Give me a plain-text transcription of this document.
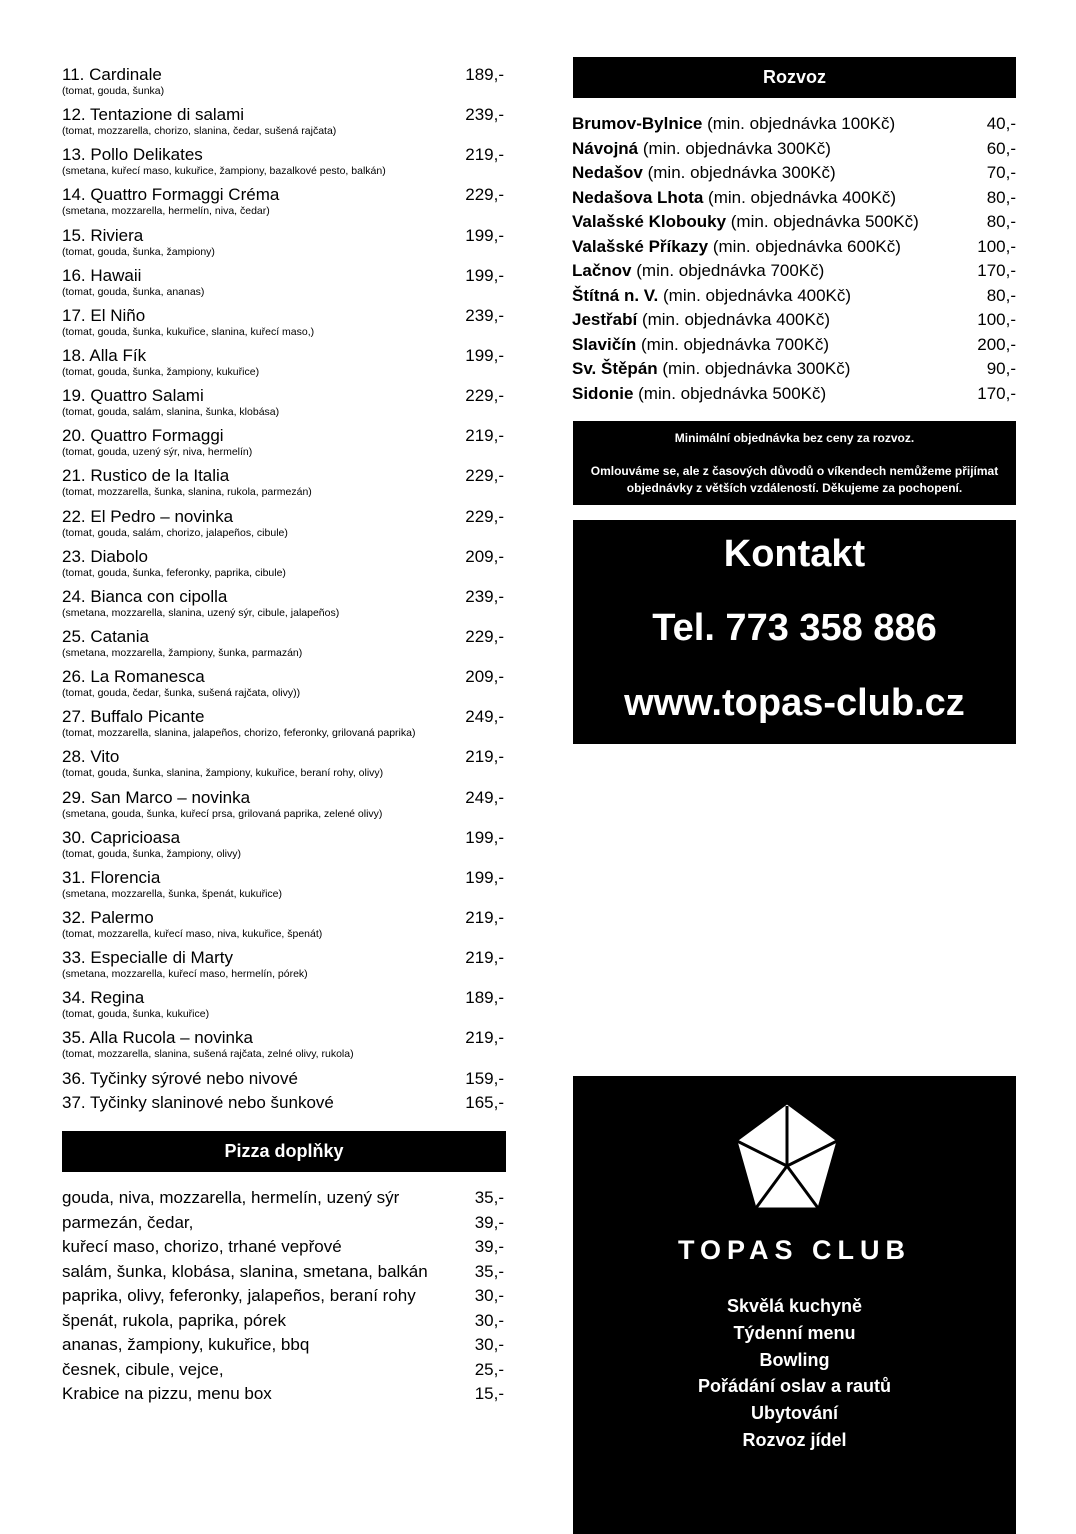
11. Cardinale	189,-
(tomat, gouda, šunka)
12. Tentazione di salami	239,-
(tomat, mozzarella, chorizo, slanina, čedar, sušená rajčata)
13. Pollo Delikates	219,-
(smetana, kuřecí maso, kukuřice, žampiony, bazalkové pesto, balkán)
14. Quattro Formaggi Créma	229,-
(smetana, mozzarella, hermelín, niva, čedar)
15. Riviera	199,-
(tomat, gouda, šunka, žampiony)
16. Hawaii	199,-
(tomat, gouda, šunka, ananas)
17. El Niño	239,-
(tomat, gouda, šunka, kukuřice, slanina, kuřecí maso,)
18. Alla Fík	199,-
(tomat, gouda, šunka, žampiony, kukuřice)
19. Quattro Salami	229,-
(tomat, gouda, salám, slanina, šunka, klobása)
20. Quattro Formaggi	219,-
(tomat, gouda, uzený sýr, niva, hermelín)
21. Rustico de la Italia	229,-
(tomat, mozzarella, šunka, slanina, rukola, parmezán)
22. El Pedro – novinka	229,-
(tomat, gouda, salám, chorizo, jalapeños, cibule)
23. Diabolo	209,-
(tomat, gouda, šunka, feferonky, paprika, cibule)
24. Bianca con cipolla	239,-
(smetana, mozzarella, slanina, uzený sýr, cibule, jalapeños)
25. Catania	229,-
(smetana, mozzarella, žampiony, šunka, parmazán)
26. La Romanesca	209,-
(tomat, gouda, čedar, šunka, sušená rajčata, olivy))
27. Buffalo Picante	249,-
(tomat, mozzarella, slanina, jalapeños, chorizo, feferonky, grilovaná paprika)
28. Vito	219,-
(tomat, gouda, šunka, slanina, žampiony, kukuřice, beraní rohy, olivy)
29. San Marco – novinka	249,-
(smetana, gouda, šunka, kuřecí prsa, grilovaná paprika, zelené olivy)
30. Capricioasa	199,-
(tomat, gouda, šunka, žampiony, olivy)
31. Florencia	199,-
(smetana, mozzarella, šunka, špenát, kukuřice)
32. Palermo	219,-
(tomat, mozzarella, kuřecí maso, niva, kukuřice, špenát)
33. Especialle di Marty	219,-
(smetana, mozzarella, kuřecí maso, hermelín, pórek)
34. Regina	189,-
(tomat, gouda, šunka, kukuřice)
35. Alla Rucola – novinka	219,-
(tomat, mozzarella, slanina, sušená rajčata, zelné olivy, rukola)
36. Tyčinky sýrové nebo nivové	159,-
37. Tyčinky slaninové nebo šunkové	165,-
Pizza doplňky
gouda, niva, mozzarella, hermelín, uzený sýr	35,-
parmezán, čedar,	39,-
kuřecí maso, chorizo, trhané vepřové	39,-
salám, šunka, klobása, slanina, smetana, balkán	35,-
paprika, olivy, feferonky, jalapeños, beraní rohy	30,-
špenát, rukola, paprika, pórek	30,-
ananas, žampiony, kukuřice, bbq	30,-
česnek, cibule, vejce,	25,-
Krabice na pizzu, menu box	15,-
Rozvoz
Brumov-Bylnice (min. objednávka 100Kč)	40,-
Návojná (min. objednávka 300Kč)	60,-
Nedašov (min. objednávka 300Kč)	70,-
Nedašova Lhota (min. objednávka 400Kč)	80,-
Valašské Klobouky (min. objednávka 500Kč)	80,-
Valašské Příkazy (min. objednávka 600Kč)	100,-
Lačnov (min. objednávka 700Kč)	170,-
Štítná n. V. (min. objednávka 400Kč)	80,-
Jestřabí (min. objednávka 400Kč)	100,-
Slavičín (min. objednávka 700Kč)	200,-
Sv. Štěpán (min. objednávka 300Kč)	90,-
Sidonie (min. objednávka 500Kč)	170,-

Minimální objednávka bez ceny za rozvoz.

Omlouváme se, ale z časových důvodů o víkendech nemůžeme přijímat objednávky z větších vzdáleností. Děkujeme za pochopení.

Kontakt
Tel. 773 358 886
www.topas-club.cz
TOPAS CLUB
Skvělá kuchyně
Týdenní menu
Bowling
Pořádání oslav a rautů
Ubytování
Rozvoz jídel
